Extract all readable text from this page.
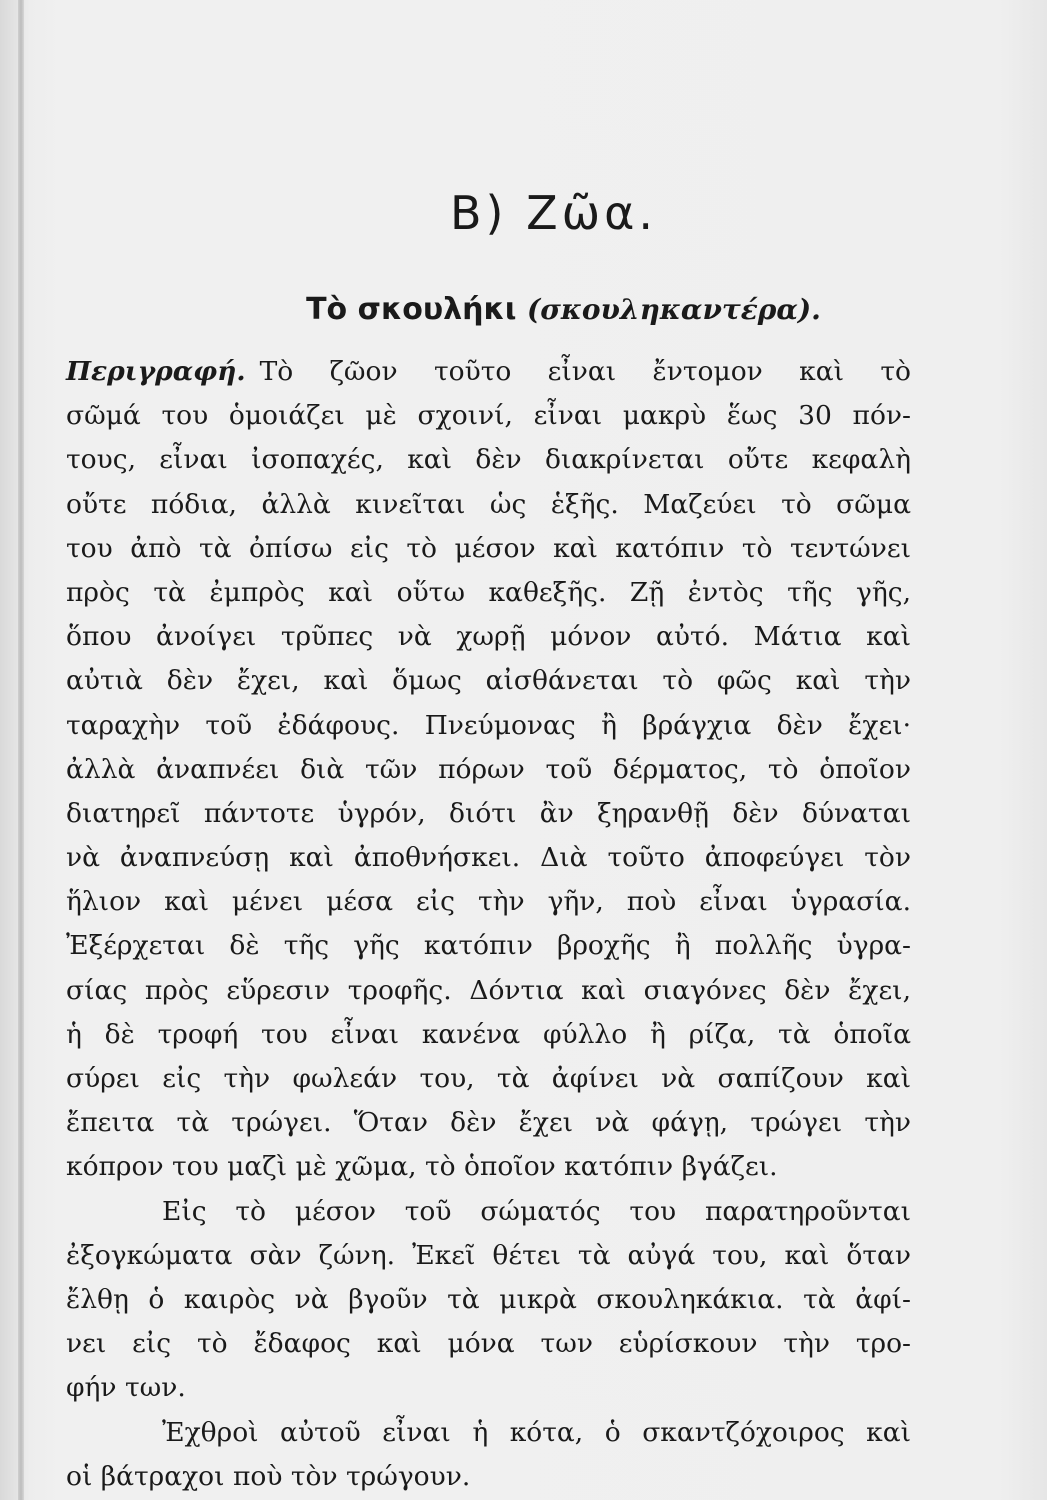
Β) Ζῶα.
Τὸ σκουλήκι (σκουληκαντέρα).
Περιγραφή. Τὸ ζῶον τοῦτο εἶναι ἔντομον καὶ τὸ
σῶμά του ὁμοιάζει μὲ σχοινί, εἶναι μακρὺ ἕως 30 πόν-
τους, εἶναι ἰσοπαχές, καὶ δὲν διακρίνεται οὔτε κεφαλὴ
οὔτε πόδια, ἀλλὰ κινεῖται ὡς ἑξῆς. Μαζεύει τὸ σῶμα
του ἀπὸ τὰ ὀπίσω εἰς τὸ μέσον καὶ κατόπιν τὸ τεντώνει
πρὸς τὰ ἐμπρὸς καὶ οὕτω καθεξῆς. Ζῇ ἐντὸς τῆς γῆς,
ὅπου ἀνοίγει τρῦπες νὰ χωρῇ μόνον αὐτό. Μάτια καὶ
αὐτιὰ δὲν ἔχει, καὶ ὅμως αἰσθάνεται τὸ φῶς καὶ τὴν
ταραχὴν τοῦ ἐδάφους. Πνεύμονας ἢ βράγχια δὲν ἔχει·
ἀλλὰ ἀναπνέει διὰ τῶν πόρων τοῦ δέρματος, τὸ ὁποῖον
διατηρεῖ πάντοτε ὑγρόν, διότι ἂν ξηρανθῇ δὲν δύναται
νὰ ἀναπνεύσῃ καὶ ἀποθνήσκει. Διὰ τοῦτο ἀποφεύγει τὸν
ἥλιον καὶ μένει μέσα εἰς τὴν γῆν, ποὺ εἶναι ὑγρασία.
Ἐξέρχεται δὲ τῆς γῆς κατόπιν βροχῆς ἢ πολλῆς ὑγρα-
σίας πρὸς εὕρεσιν τροφῆς. Δόντια καὶ σιαγόνες δὲν ἔχει,
ἡ δὲ τροφή του εἶναι κανένα φύλλο ἢ ρίζα, τὰ ὁποῖα
σύρει εἰς τὴν φωλεάν του, τὰ ἀφίνει νὰ σαπίζουν καὶ
ἔπειτα τὰ τρώγει. Ὅταν δὲν ἔχει νὰ φάγῃ, τρώγει τὴν
κόπρον του μαζὶ μὲ χῶμα, τὸ ὁποῖον κατόπιν βγάζει.
Εἰς τὸ μέσον τοῦ σώματός του παρατηροῦνται
ἐξογκώματα σὰν ζώνη. Ἐκεῖ θέτει τὰ αὐγά του, καὶ ὅταν
ἔλθῃ ὁ καιρὸς νὰ βγοῦν τὰ μικρὰ σκουληκάκια. τὰ ἀφί-
νει εἰς τὸ ἔδαφος καὶ μόνα των εὑρίσκουν τὴν τρο-
φήν των.
Ἐχθροὶ αὐτοῦ εἶναι ἡ κότα, ὁ σκαντζόχοιρος καὶ
οἱ βάτραχοι ποὺ τὸν τρώγουν.
